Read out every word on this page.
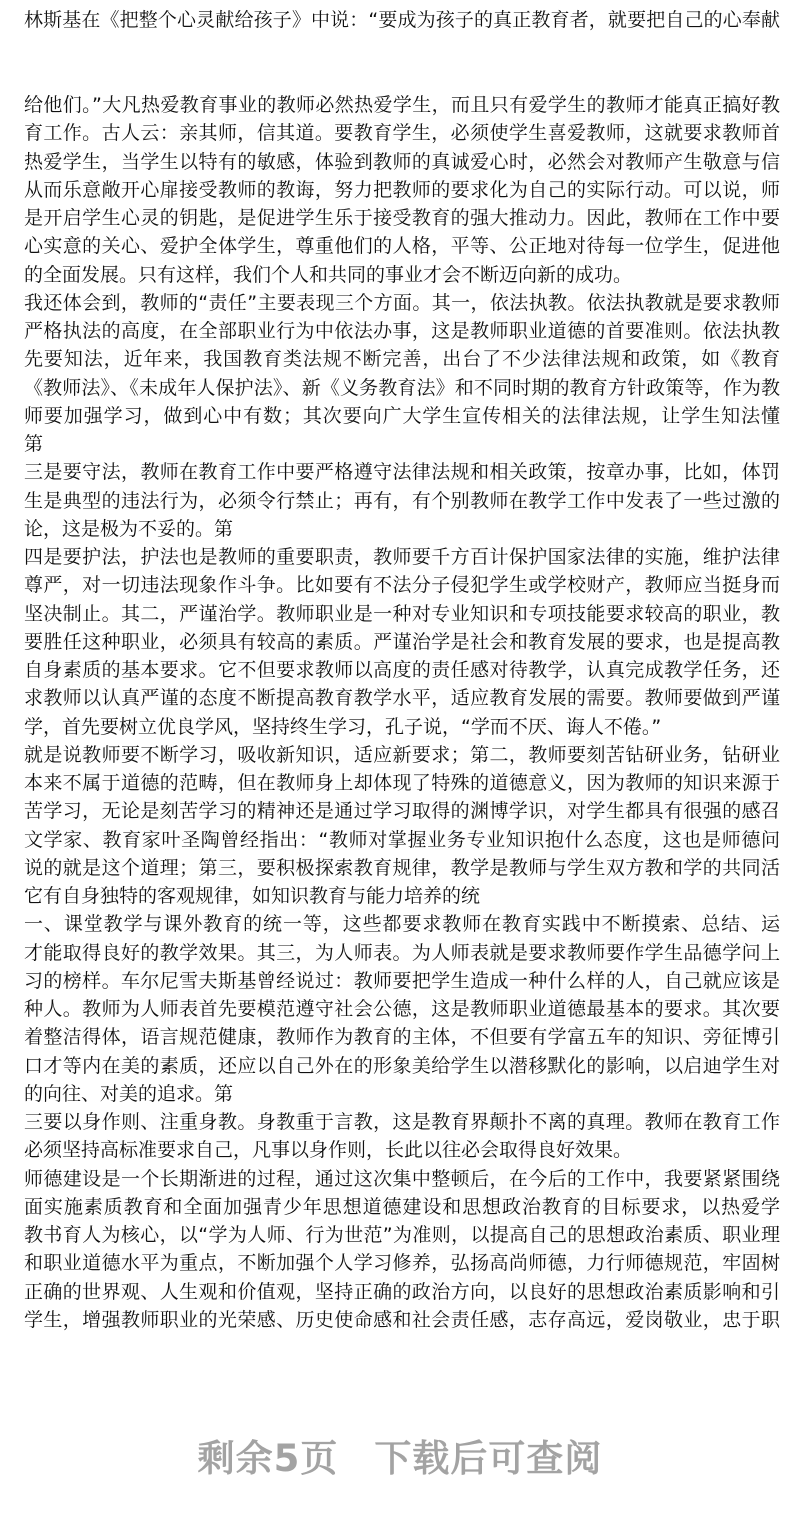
林斯基在《把整个心灵献给孩子》中说：“要成为孩子的真正教育者，就要把自己的心奉献
给他们。”大凡热爱教育事业的教师必然热爱学生，而且只有爱学生的教师才能真正搞好教
育工作。古人云：亲其师，信其道。要教育学生，必须使学生喜爱教师，这就要求教师首
热爱学生，当学生以特有的敏感，体验到教师的真诚爱心时，必然会对教师产生敬意与信
从而乐意敞开心扉接受教师的教诲，努力把教师的要求化为自己的实际行动。可以说，师
是开启学生心灵的钥匙，是促进学生乐于接受教育的强大推动力。因此，教师在工作中要
心实意的关心、爱护全体学生，尊重他们的人格，平等、公正地对待每一位学生，促进他
的全面发展。只有这样，我们个人和共同的事业才会不断迈向新的成功。
我还体会到，教师的“责任”主要表现三个方面。其一，依法执教。依法执教就是要求教师
严格执法的高度，在全部职业行为中依法办事，这是教师职业道德的首要准则。依法执教
先要知法，近年来，我国教育类法规不断完善，出台了不少法律法规和政策，如《教育
《教师法》、《未成年人保护法》、新《义务教育法》和不同时期的教育方针政策等，作为教
师要加强学习，做到心中有数；其次要向广大学生宣传相关的法律法规，让学生知法懂
第
三是要守法，教师在教育工作中要严格遵守法律法规和相关政策，按章办事，比如，体罚
生是典型的违法行为，必须令行禁止；再有，有个别教师在教学工作中发表了一些过激的
论，这是极为不妥的。第
四是要护法，护法也是教师的重要职责，教师要千方百计保护国家法律的实施，维护法律
尊严，对一切违法现象作斗争。比如要有不法分子侵犯学生或学校财产，教师应当挺身而
坚决制止。其二，严谨治学。教师职业是一种对专业知识和专项技能要求较高的职业，教
要胜任这种职业，必须具有较高的素质。严谨治学是社会和教育发展的要求，也是提高教
自身素质的基本要求。它不但要求教师以高度的责任感对待教学，认真完成教学任务，还
求教师以认真严谨的态度不断提高教育教学水平，适应教育发展的需要。教师要做到严谨
学，首先要树立优良学风，坚持终生学习，孔子说，“学而不厌、诲人不倦。”
就是说教师要不断学习，吸收新知识，适应新要求；第二，教师要刻苦钻研业务，钻研业
本来不属于道德的范畴，但在教师身上却体现了特殊的道德意义，因为教师的知识来源于
苦学习，无论是刻苦学习的精神还是通过学习取得的渊博学识，对学生都具有很强的感召
文学家、教育家叶圣陶曾经指出：“教师对掌握业务专业知识抱什么态度，这也是师德问
说的就是这个道理；第三，要积极探索教育规律，教学是教师与学生双方教和学的共同活
它有自身独特的客观规律，如知识教育与能力培养的统
一、课堂教学与课外教育的统一等，这些都要求教师在教育实践中不断摸索、总结、运
才能取得良好的教学效果。其三，为人师表。为人师表就是要求教师要作学生品德学问上
习的榜样。车尔尼雪夫斯基曾经说过：教师要把学生造成一种什么样的人，自己就应该是
种人。教师为人师表首先要模范遵守社会公德，这是教师职业道德最基本的要求。其次要
着整洁得体，语言规范健康，教师作为教育的主体，不但要有学富五车的知识、旁征博引
口才等内在美的素质，还应以自己外在的形象美给学生以潜移默化的影响，以启迪学生对
的向往、对美的追求。第
三要以身作则、注重身教。身教重于言教，这是教育界颠扑不离的真理。教师在教育工作
必须坚持高标准要求自己，凡事以身作则，长此以往必会取得良好效果。
师德建设是一个长期渐进的过程，通过这次集中整顿后，在今后的工作中，我要紧紧围绕
面实施素质教育和全面加强青少年思想道德建设和思想政治教育的目标要求，以热爱学
教书育人为核心，以“学为人师、行为世范”为准则，以提高自己的思想政治素质、职业理
和职业道德水平为重点，不断加强个人学习修养，弘扬高尚师德，力行师德规范，牢固树
正确的世界观、人生观和价值观，坚持正确的政治方向，以良好的思想政治素质影响和引
学生，增强教师职业的光荣感、历史使命感和社会责任感，志存高远，爱岗敬业，忠于职
剩余5页 下载后可查阅
